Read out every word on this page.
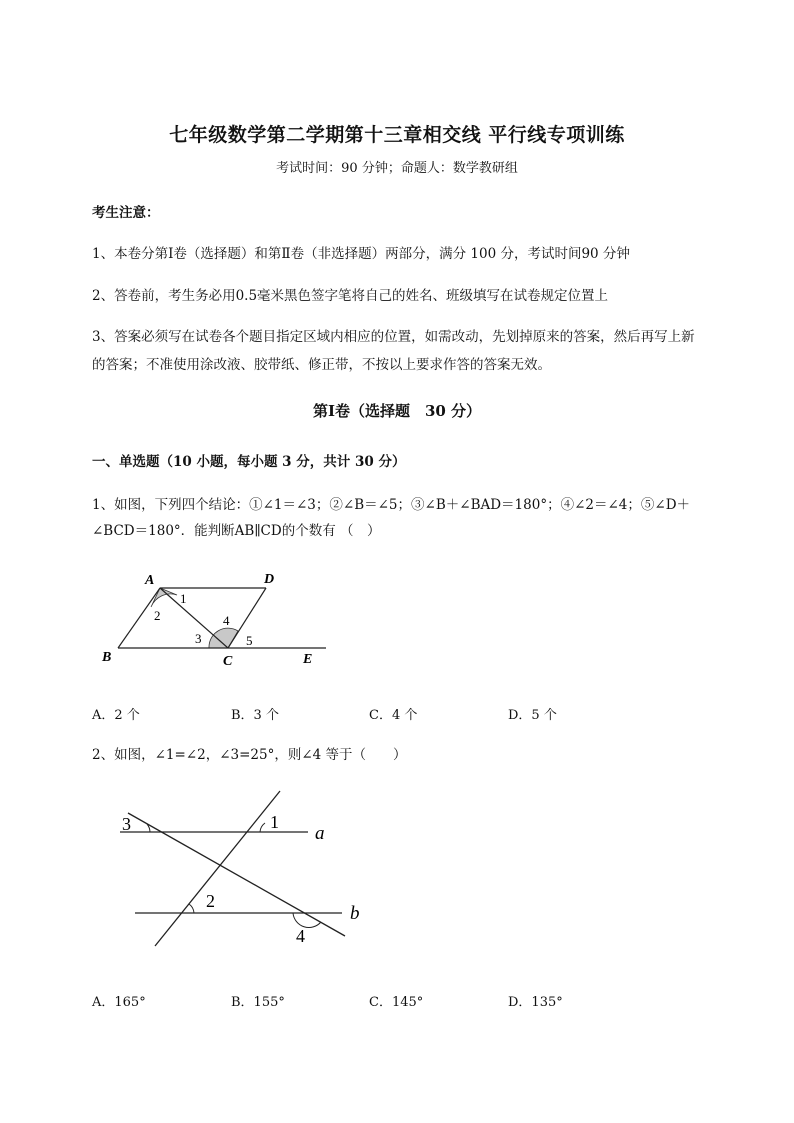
七年级数学第二学期第十三章相交线 平行线专项训练
考试时间：90 分钟；命题人：数学教研组
考生注意：
1、本卷分第Ⅰ卷（选择题）和第Ⅱ卷（非选择题）两部分，满分 100 分，考试时间90 分钟
2、答卷前，考生务必用0.5毫米黑色签字笔将自己的姓名、班级填写在试卷规定位置上
3、答案必须写在试卷各个题目指定区域内相应的位置，如需改动，先划掉原来的答案，然后再写上新
的答案；不准使用涂改液、胶带纸、修正带，不按以上要求作答的答案无效。
第Ⅰ卷（选择题　30 分）
一、单选题（10 小题，每小题 3 分，共计 30 分）
1、如图，下列四个结论：①∠1＝∠3；②∠B＝∠5；③∠B＋∠BAD＝180°；④∠2＝∠4；⑤∠D＋
∠BCD＝180°．能判断AB∥CD的个数有 （　）
A	D
B	C	E
1
2
3
4
5
A．2 个	B．3 个	C．4 个	D．5 个
2、如图，∠1=∠2，∠3=25°，则∠4 等于（　　）
3	1
a
2
b
4
A．165°	B．155°	C．145°	D．135°
